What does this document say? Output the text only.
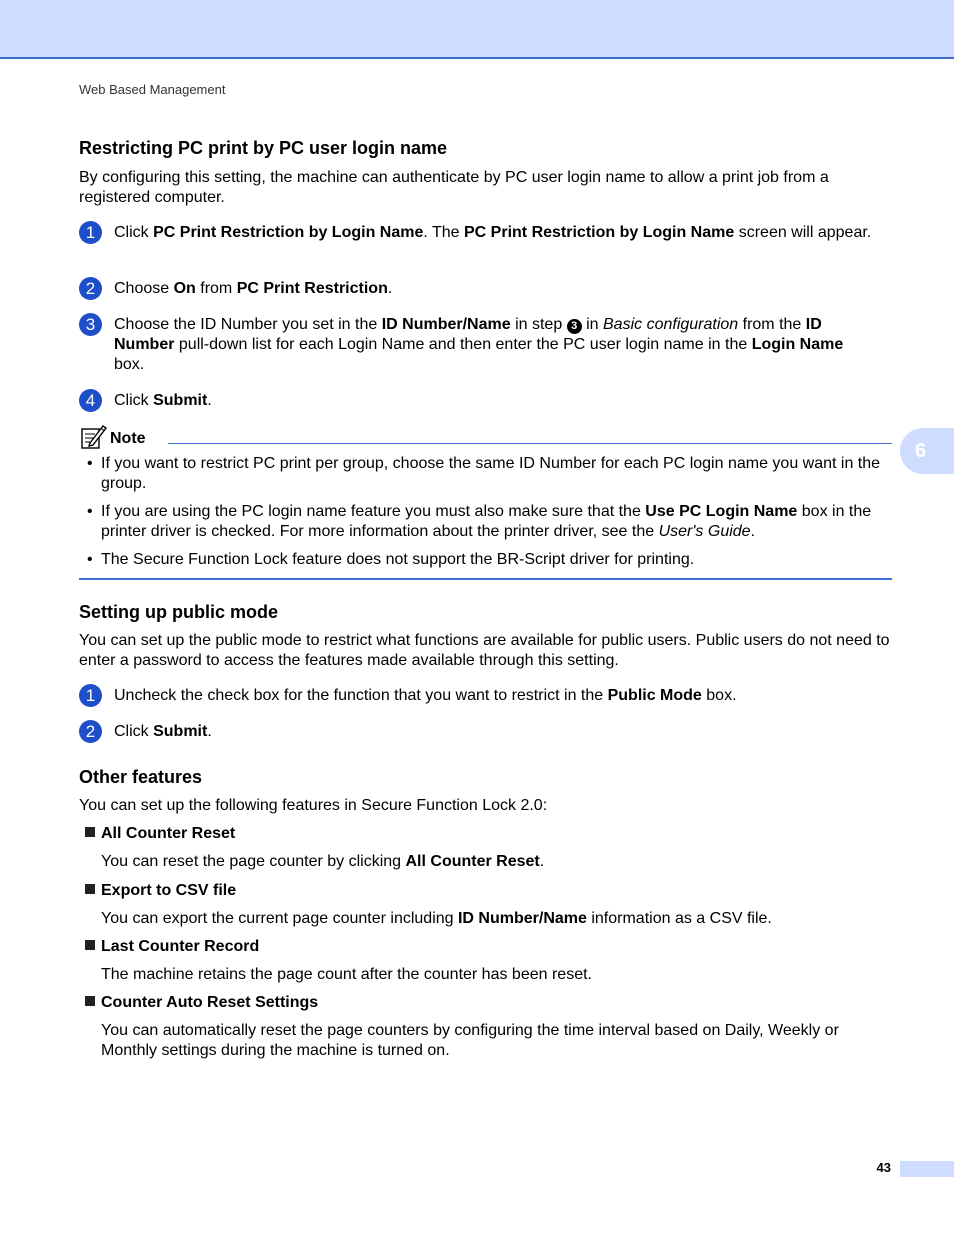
Web Based Management
6
Restricting PC print by PC user login name

By configuring this setting, the machine can authenticate by PC user login name to allow a print job from a registered computer.

1	Click PC Print Restriction by Login Name. The PC Print Restriction by Login Name screen will appear.
2	Choose On from PC Print Restriction.
3	Choose the ID Number you set in the ID Number/Name in step 3 in Basic configuration from the ID Number pull-down list for each Login Name and then enter the PC user login name in the Login Name box.
4	Click Submit.
Note
• If you want to restrict PC print per group, choose the same ID Number for each PC login name you want in the group.
• If you are using the PC login name feature you must also make sure that the Use PC Login Name box in the printer driver is checked. For more information about the printer driver, see the User's Guide.
• The Secure Function Lock feature does not support the BR-Script driver for printing.
Setting up public mode

You can set up the public mode to restrict what functions are available for public users. Public users do not need to enter a password to access the features made available through this setting.

1	Uncheck the check box for the function that you want to restrict in the Public Mode box.
2	Click Submit.
Other features

You can set up the following features in Secure Function Lock 2.0:

All Counter Reset
You can reset the page counter by clicking All Counter Reset.
Export to CSV file
You can export the current page counter including ID Number/Name information as a CSV file.
Last Counter Record
The machine retains the page count after the counter has been reset.
Counter Auto Reset Settings
You can automatically reset the page counters by configuring the time interval based on Daily, Weekly or Monthly settings during the machine is turned on.
43
